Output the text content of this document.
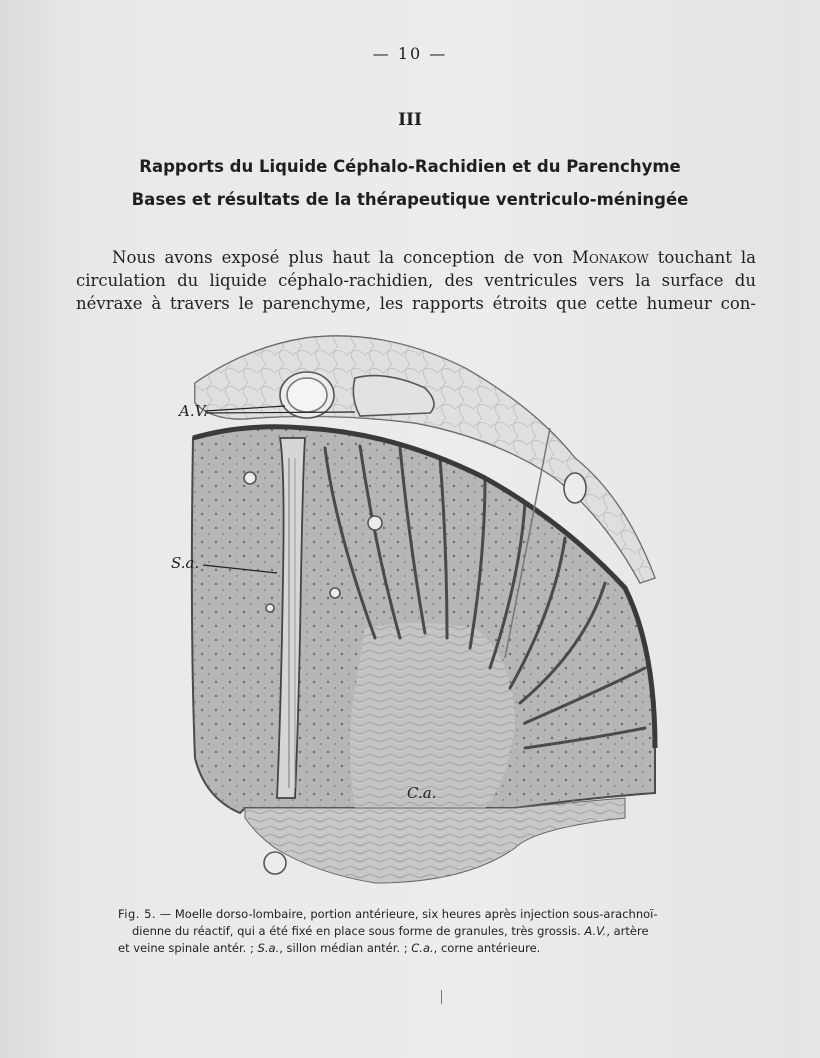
— 10 —
III
Rapports du Liquide Céphalo-Rachidien et du Parenchyme
Bases et résultats de la thérapeutique ventriculo-méningée
Nous avons exposé plus haut la conception de von Monakow touchant la
circulation du liquide céphalo-rachidien, des ventricules vers la surface du
névraxe à travers le parenchyme, les rapports étroits que cette humeur con-
A.V.
S.a.
C.a.
Fig. 5. — Moelle dorso-lombaire, portion antérieure, six heures après injection sous-arachnoï-
dienne du réactif, qui a été fixé en place sous forme de granules, très grossis. A.V., artère
et veine spinale antér. ; S.a., sillon médian antér. ; C.a., corne antérieure.
